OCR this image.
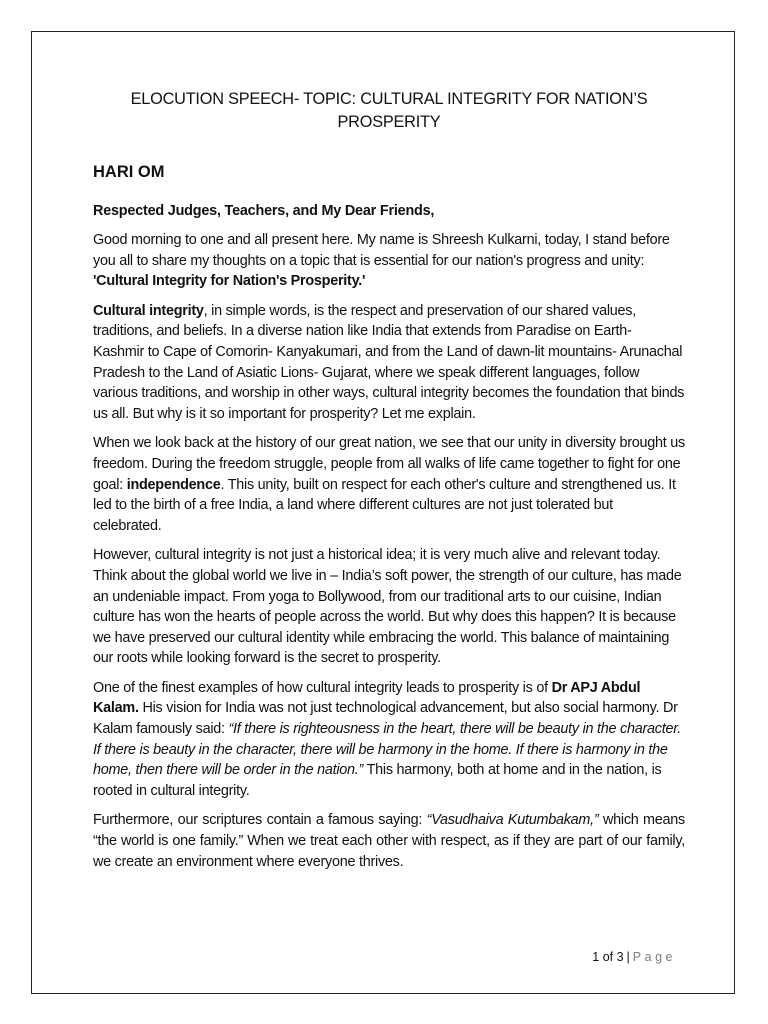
ELOCUTION SPEECH- TOPIC: CULTURAL INTEGRITY FOR NATION’S PROSPERITY
HARI OM
Respected Judges, Teachers, and My Dear Friends,

Good morning to one and all present here. My name is Shreesh Kulkarni, today, I stand before you all to share my thoughts on a topic that is essential for our nation's progress and unity: 'Cultural Integrity for Nation's Prosperity.'

Cultural integrity, in simple words, is the respect and preservation of our shared values, traditions, and beliefs. In a diverse nation like India that extends from Paradise on Earth- Kashmir to Cape of Comorin- Kanyakumari, and from the Land of dawn-lit mountains- Arunachal Pradesh to the Land of Asiatic Lions- Gujarat, where we speak different languages, follow various traditions, and worship in other ways, cultural integrity becomes the foundation that binds us all. But why is it so important for prosperity? Let me explain.

When we look back at the history of our great nation, we see that our unity in diversity brought us freedom. During the freedom struggle, people from all walks of life came together to fight for one goal: independence. This unity, built on respect for each other's culture and strengthened us. It led to the birth of a free India, a land where different cultures are not just tolerated but celebrated.

However, cultural integrity is not just a historical idea; it is very much alive and relevant today. Think about the global world we live in – India’s soft power, the strength of our culture, has made an undeniable impact. From yoga to Bollywood, from our traditional arts to our cuisine, Indian culture has won the hearts of people across the world. But why does this happen? It is because we have preserved our cultural identity while embracing the world. This balance of maintaining our roots while looking forward is the secret to prosperity.

One of the finest examples of how cultural integrity leads to prosperity is of Dr APJ Abdul Kalam. His vision for India was not just technological advancement, but also social harmony. Dr Kalam famously said: “If there is righteousness in the heart, there will be beauty in the character. If there is beauty in the character, there will be harmony in the home. If there is harmony in the home, then there will be order in the nation.” This harmony, both at home and in the nation, is rooted in cultural integrity.

Furthermore, our scriptures contain a famous saying: “Vasudhaiva Kutumbakam,” which means “the world is one family.” When we treat each other with respect, as if they are part of our family, we create an environment where everyone thrives.

1 of 3 | Page
